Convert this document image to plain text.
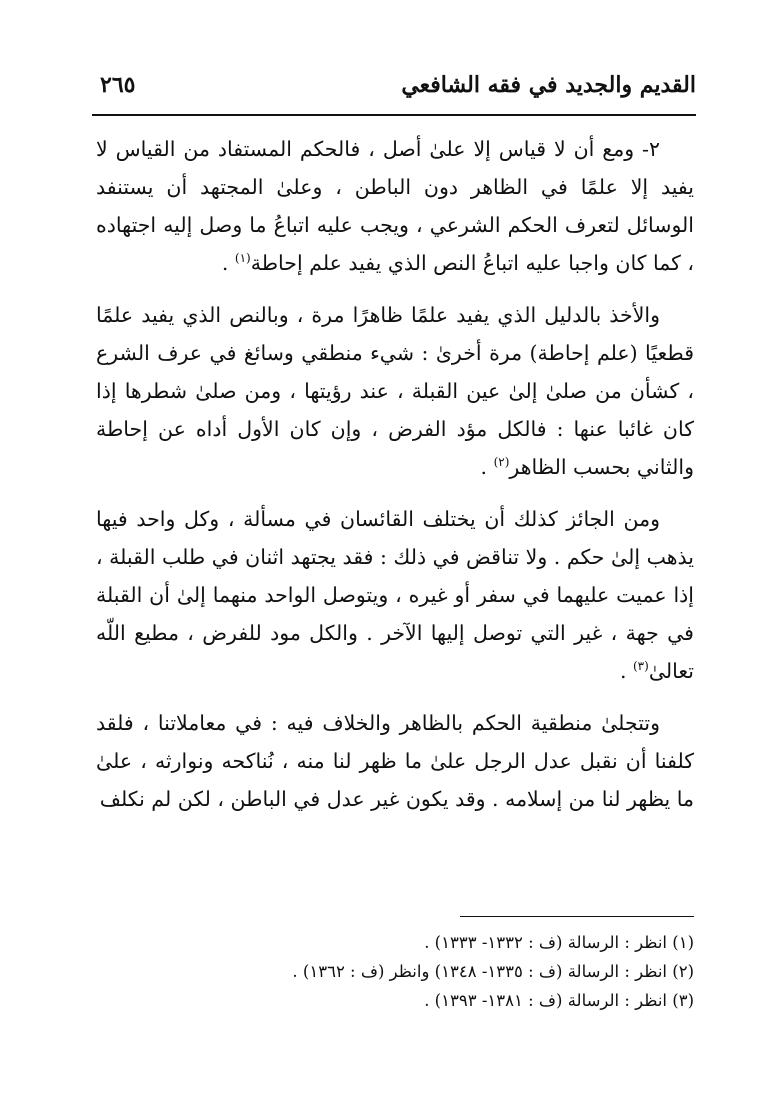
القديم والجديد في فقه الشافعي
٢٦٥

٢- ومع أن لا قياس إلا علىٰ أصل ، فالحكم المستفاد من القياس لا يفيد إلا علمًا في الظاهر دون الباطن ، وعلىٰ المجتهد أن يستنفد الوسائل لتعرف الحكم الشرعي ، ويجب عليه اتباعُ ما وصل إليه اجتهاده ، كما كان واجبا عليه اتباعُ النص الذي يفيد علم إحاطة$^{(١)}$ .

والأخذ بالدليل الذي يفيد علمًا ظاهرًا مرة ، وبالنص الذي يفيد علمًا قطعيًا (علم إحاطة) مرة أخرىٰ : شيء منطقي وسائغ في عرف الشرع ، كشأن من صلىٰ إلىٰ عين القبلة ، عند رؤيتها ، ومن صلىٰ شطرها إذا كان غائبا عنها : فالكل مؤد الفرض ، وإن كان الأول أداه عن إحاطة والثاني بحسب الظاهر$^{(٢)}$ .

ومن الجائز كذلك أن يختلف القائسان في مسألة ، وكل واحد فيها يذهب إلىٰ حكم . ولا تناقض في ذلك : فقد يجتهد اثنان في طلب القبلة ، إذا عميت عليهما في سفر أو غيره ، ويتوصل الواحد منهما إلىٰ أن القبلة في جهة ، غير التي توصل إليها الآخر . والكل مود للفرض ، مطيع اللّه تعالىٰ$^{(٣)}$ .

وتتجلىٰ منطقية الحكم بالظاهر والخلاف فيه : في معاملاتنا ، فلقد كلفنا أن نقبل عدل الرجل علىٰ ما ظهر لنا منه ، نُناكحه ونوارثه ، علىٰ ما يظهر لنا من إسلامه . وقد يكون غير عدل في الباطن ، لكن لم نكلف

(١) انظر : الرسالة (ف : ١٣٣٢- ١٣٣٣) .

(٢) انظر : الرسالة (ف : ١٣٣٥- ١٣٤٨) وانظر (ف : ١٣٦٢) .

(٣) انظر : الرسالة (ف : ١٣٨١- ١٣٩٣) .
